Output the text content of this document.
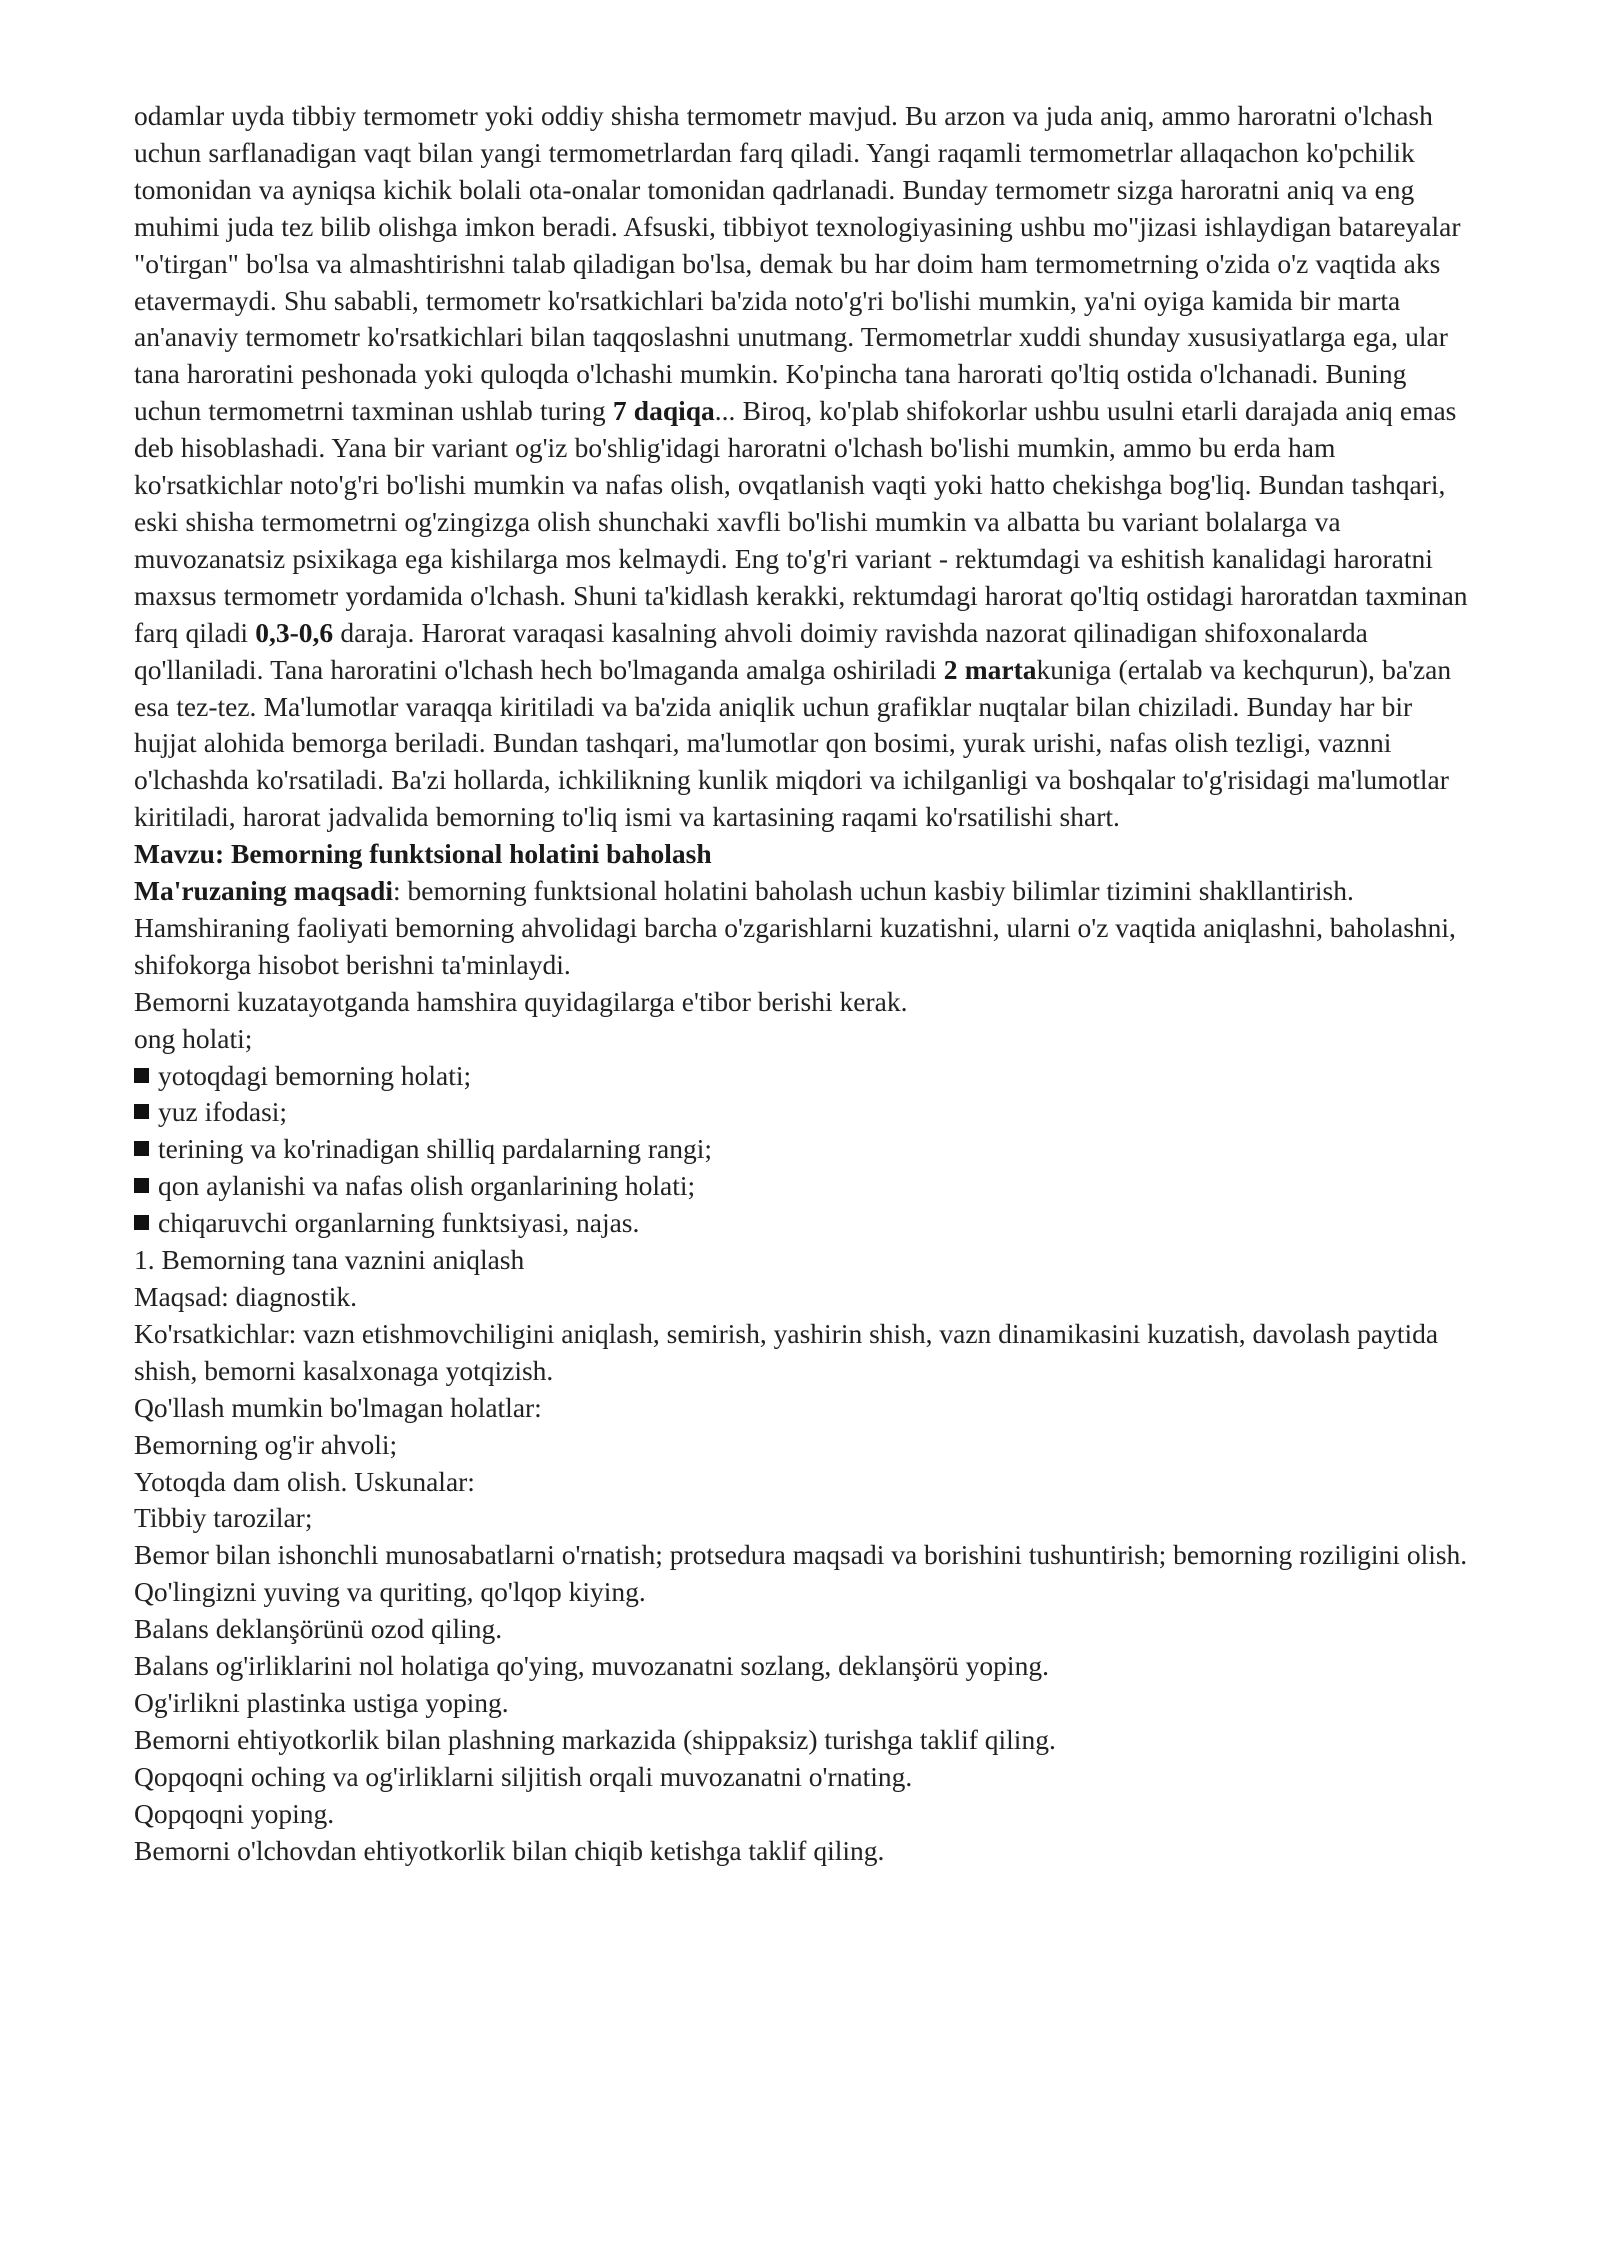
odamlar uyda tibbiy termometr yoki oddiy shisha termometr mavjud. Bu arzon va juda aniq, ammo haroratni o'lchash uchun sarflanadigan vaqt bilan yangi termometrlardan farq qiladi. Yangi raqamli termometrlar allaqachon ko'pchilik tomonidan va ayniqsa kichik bolali ota-onalar tomonidan qadrlanadi. Bunday termometr sizga haroratni aniq va eng muhimi juda tez bilib olishga imkon beradi. Afsuski, tibbiyot texnologiyasining ushbu mo"jizasi ishlaydigan batareyalar "o'tirgan" bo'lsa va almashtirishni talab qiladigan bo'lsa, demak bu har doim ham termometrning o'zida o'z vaqtida aks etavermaydi. Shu sababli, termometr ko'rsatkichlari ba'zida noto'g'ri bo'lishi mumkin, ya'ni oyiga kamida bir marta an'anaviy termometr ko'rsatkichlari bilan taqqoslashni unutmang. Termometrlar xuddi shunday xususiyatlarga ega, ular tana haroratini peshonada yoki quloqda o'lchashi mumkin. Ko'pincha tana harorati qo'ltiq ostida o'lchanadi. Buning uchun termometrni taxminan ushlab turing 7 daqiqa... Biroq, ko'plab shifokorlar ushbu usulni etarli darajada aniq emas deb hisoblashadi. Yana bir variant og'iz bo'shlig'idagi haroratni o'lchash bo'lishi mumkin, ammo bu erda ham ko'rsatkichlar noto'g'ri bo'lishi mumkin va nafas olish, ovqatlanish vaqti yoki hatto chekishga bog'liq. Bundan tashqari, eski shisha termometrni og'zingizga olish shunchaki xavfli bo'lishi mumkin va albatta bu variant bolalarga va muvozanatsiz psixikaga ega kishilarga mos kelmaydi. Eng to'g'ri variant - rektumdagi va eshitish kanalidagi haroratni maxsus termometr yordamida o'lchash. Shuni ta'kidlash kerakki, rektumdagi harorat qo'ltiq ostidagi haroratdan taxminan farq qiladi 0,3-0,6 daraja. Harorat varaqasi kasalning ahvoli doimiy ravishda nazorat qilinadigan shifoxonalarda qo'llaniladi. Tana haroratini o'lchash hech bo'lmaganda amalga oshiriladi 2 martakuniga (ertalab va kechqurun), ba'zan esa tez-tez. Ma'lumotlar varaqqa kiritiladi va ba'zida aniqlik uchun grafiklar nuqtalar bilan chiziladi. Bunday har bir hujjat alohida bemorga beriladi. Bundan tashqari, ma'lumotlar qon bosimi, yurak urishi, nafas olish tezligi, vaznni o'lchashda ko'rsatiladi. Ba'zi hollarda, ichkilikning kunlik miqdori va ichilganligi va boshqalar to'g'risidagi ma'lumotlar kiritiladi, harorat jadvalida bemorning to'liq ismi va kartasining raqami ko'rsatilishi shart.

Mavzu: Bemorning funktsional holatini baholash

Ma'ruzaning maqsadi: bemorning funktsional holatini baholash uchun kasbiy bilimlar tizimini shakllantirish.

Hamshiraning faoliyati bemorning ahvolidagi barcha o'zgarishlarni kuzatishni, ularni o'z vaqtida aniqlashni, baholashni, shifokorga hisobot berishni ta'minlaydi.

Bemorni kuzatayotganda hamshira quyidagilarga e'tibor berishi kerak.

ong holati;

yotoqdagi bemorning holati;

yuz ifodasi;

terining va ko'rinadigan shilliq pardalarning rangi;

qon aylanishi va nafas olish organlarining holati;

chiqaruvchi organlarning funktsiyasi, najas.

1. Bemorning tana vaznini aniqlash

Maqsad: diagnostik.

Ko'rsatkichlar: vazn etishmovchiligini aniqlash, semirish, yashirin shish, vazn dinamikasini kuzatish, davolash paytida shish, bemorni kasalxonaga yotqizish.

Qo'llash mumkin bo'lmagan holatlar:

Bemorning og'ir ahvoli;

Yotoqda dam olish. Uskunalar:

Tibbiy tarozilar;

Bemor bilan ishonchli munosabatlarni o'rnatish; protsedura maqsadi va borishini tushuntirish; bemorning roziligini olish.

Qo'lingizni yuving va quriting, qo'lqop kiying.

Balans deklanşörünü ozod qiling.

Balans og'irliklarini nol holatiga qo'ying, muvozanatni sozlang, deklanşörü yoping.

Og'irlikni plastinka ustiga yoping.

Bemorni ehtiyotkorlik bilan plashning markazida (shippaksiz) turishga taklif qiling.

Qopqoqni oching va og'irliklarni siljitish orqali muvozanatni o'rnating.

Qopqoqni yoping.

Bemorni o'lchovdan ehtiyotkorlik bilan chiqib ketishga taklif qiling.
